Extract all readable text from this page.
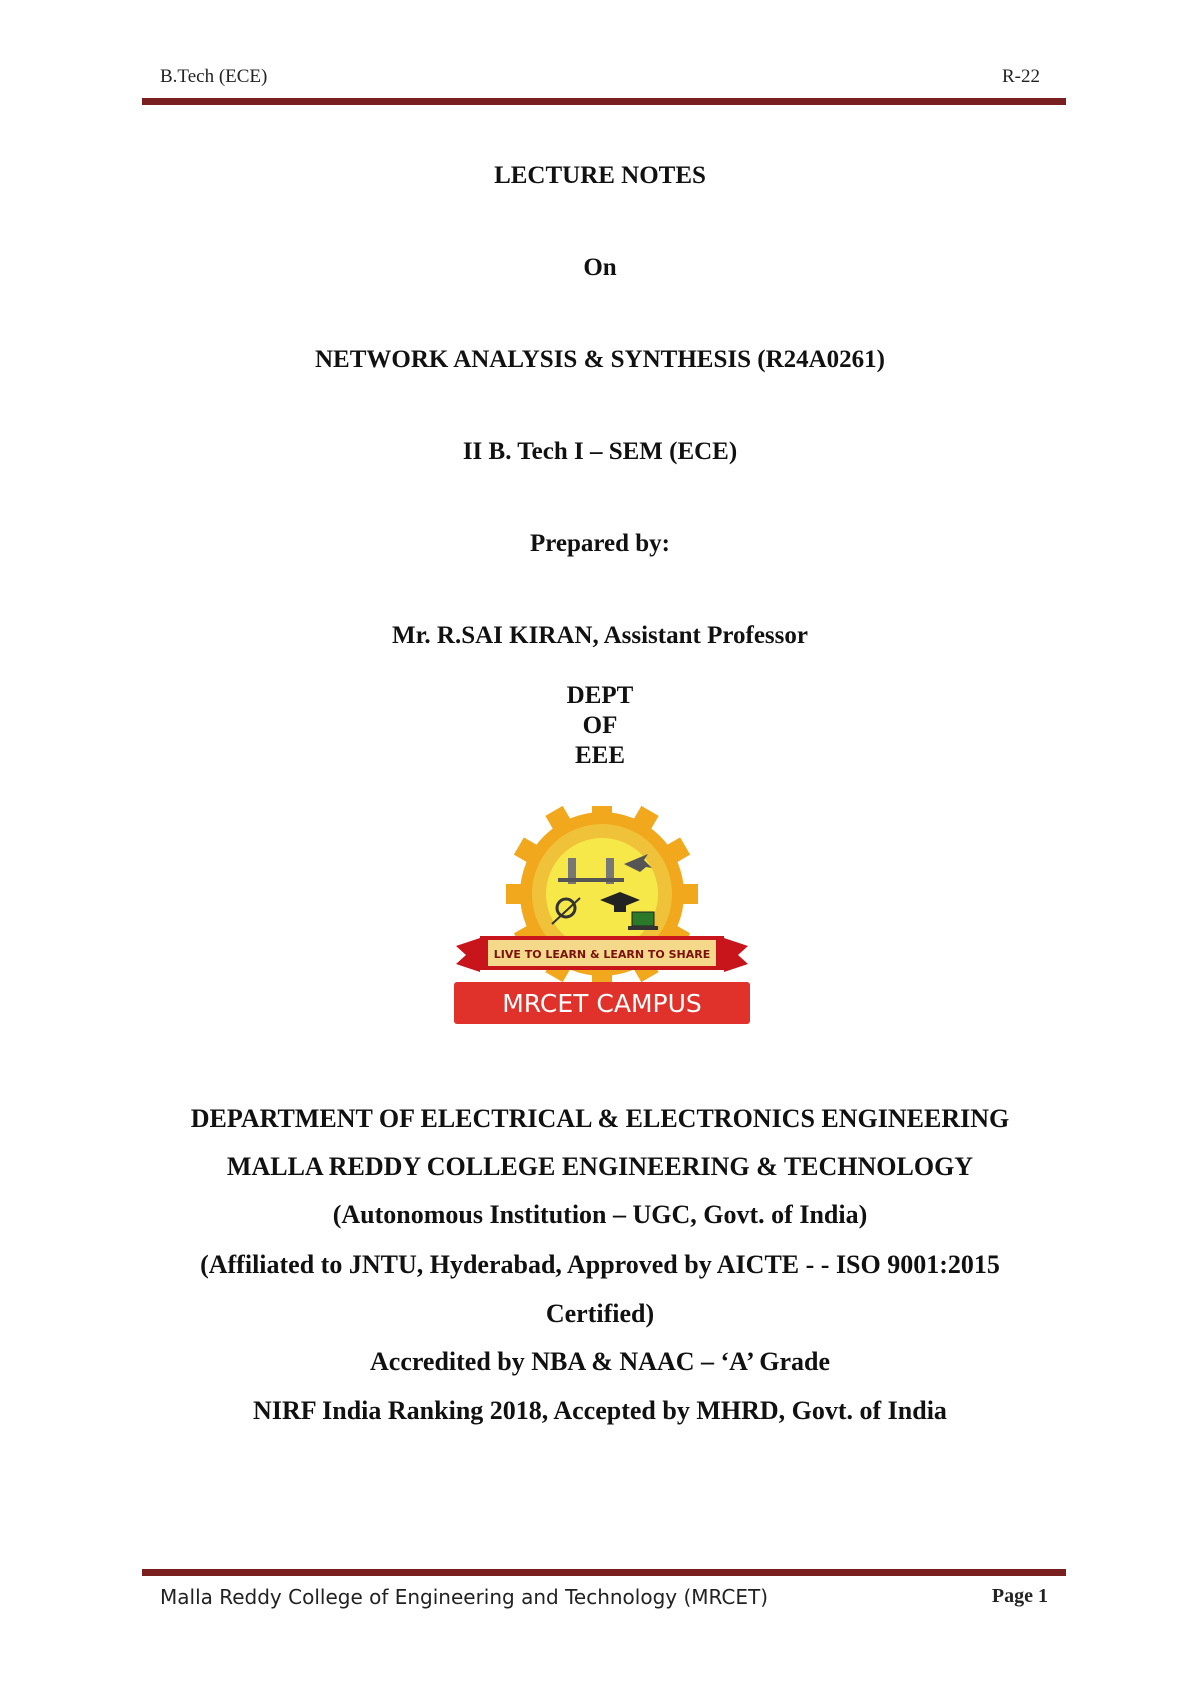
B.Tech (ECE)	R-22
LECTURE NOTES
On
NETWORK ANALYSIS & SYNTHESIS (R24A0261)
II B. Tech I – SEM (ECE)
Prepared by:
Mr. R.SAI KIRAN, Assistant Professor
DEPT
OF
EEE
LIVE TO LEARN & LEARN TO SHARE
MRCET CAMPUS
DEPARTMENT OF ELECTRICAL & ELECTRONICS ENGINEERING
MALLA REDDY COLLEGE ENGINEERING & TECHNOLOGY
(Autonomous Institution – UGC, Govt. of India)
(Affiliated to JNTU, Hyderabad, Approved by AICTE - - ISO 9001:2015
Certified)
Accredited by NBA & NAAC – ‘A’ Grade
NIRF India Ranking 2018, Accepted by MHRD, Govt. of India
Malla Reddy College of Engineering and Technology (MRCET)	Page 1
